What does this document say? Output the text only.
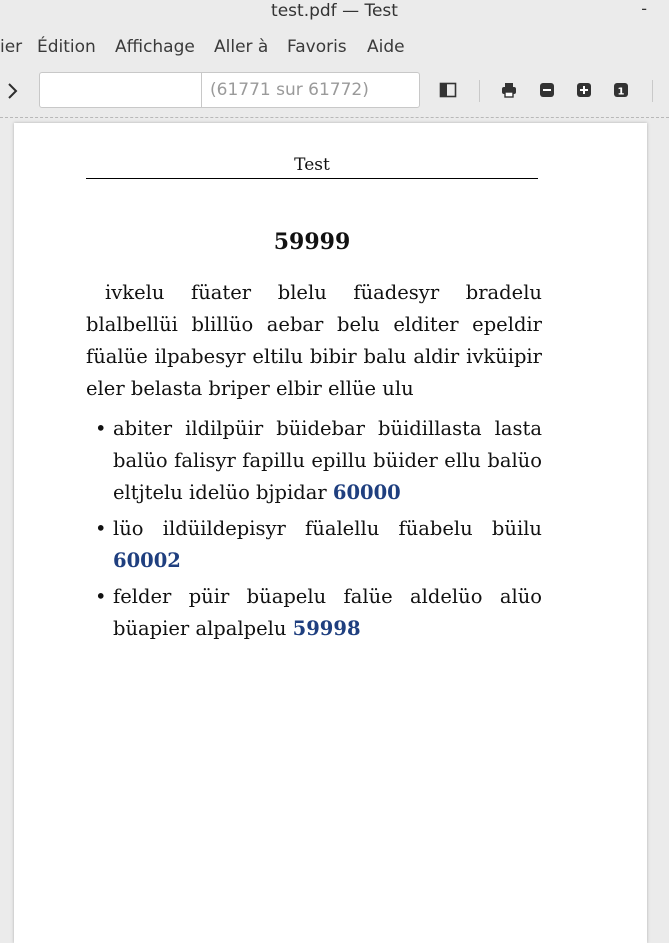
test.pdf — Test	-
ier Édition Affichage Aller à Favoris Aide
(61771 sur 61772)	1
Test
59999
ivkelu füater blelu füadesyr bradelu blalbellüi blillüo aebar belu elditer epeldir füalüe ilpabesyr eltilu bibir balu aldir ivküipir eler belasta briper elbir ellüe ulu
• abiter ildilpüir büidebar büidillasta lasta balüo falisyr fapillu epillu büider ellu balüo eltjtelu idelüo bjpidar 60000
• lüo ildüildepisyr füalellu füabelu büilu 60002
• felder püir büapelu falüe aldelüo alüo büapier alpalpelu 59998
